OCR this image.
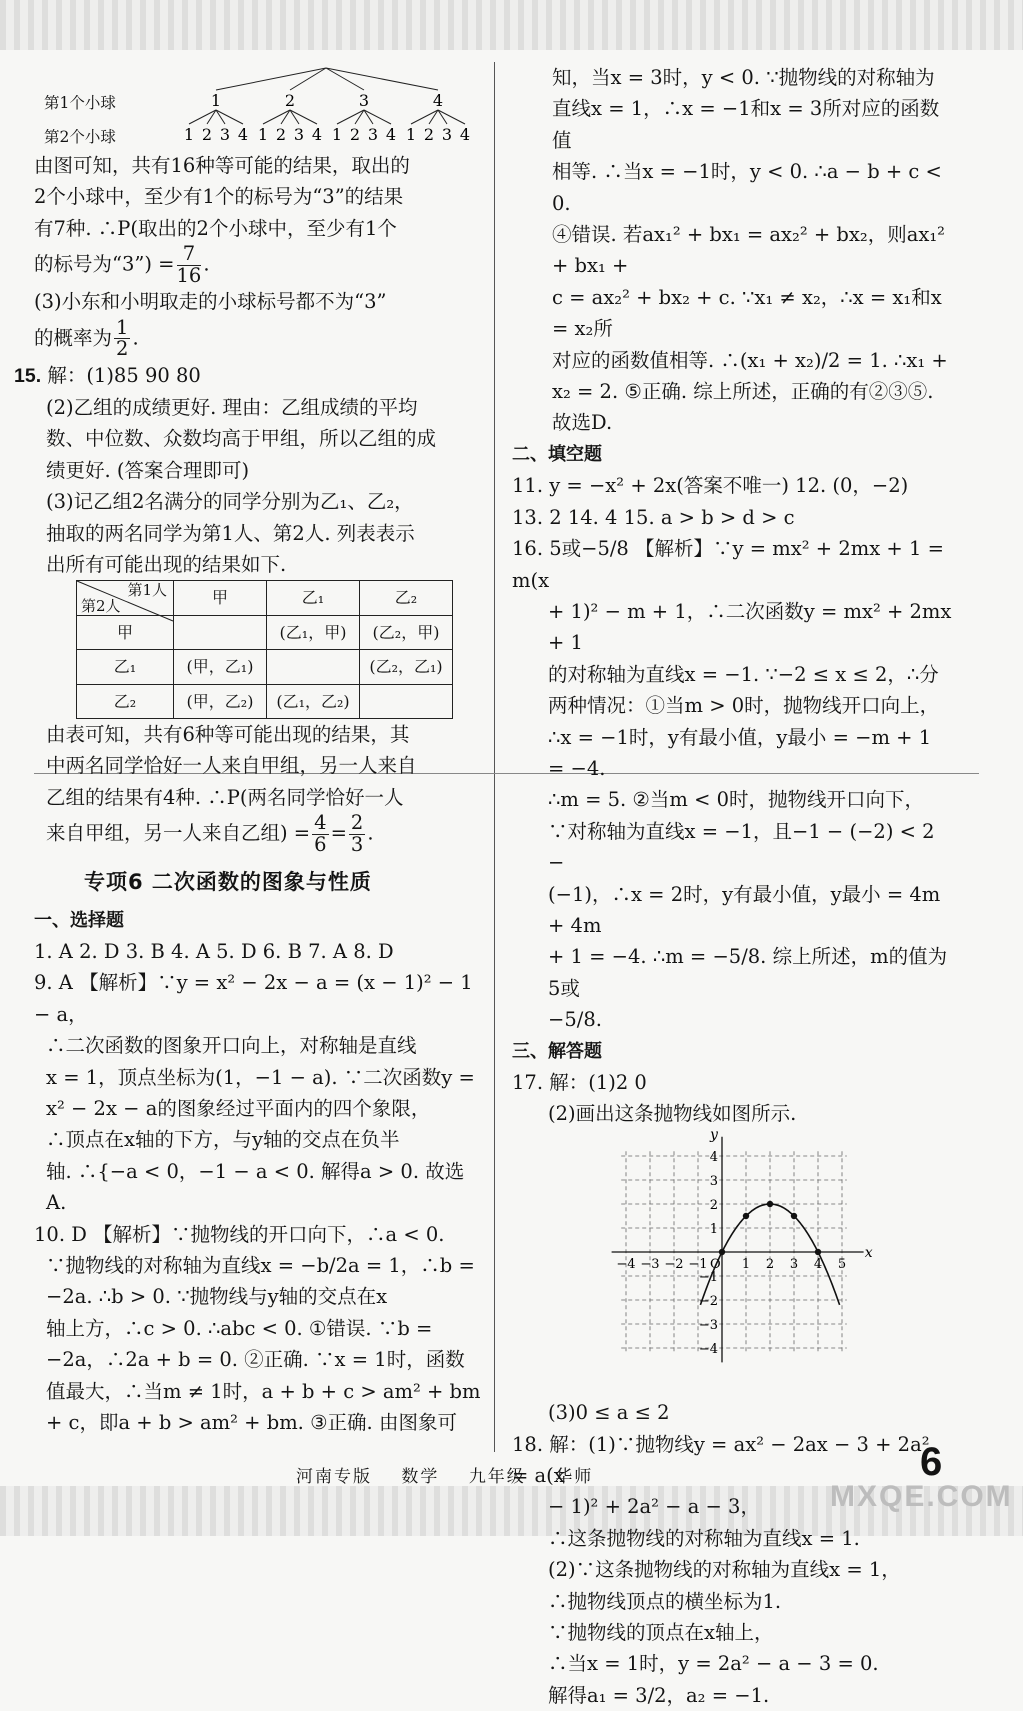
第1个小球
第2个小球
1
1 2 3 4
2
1 2 3 4
3
1 2 3 4
4
1 2 3 4

由图可知，共有16种等可能的结果，取出的

2个小球中，至少有1个的标号为“3”的结果

有7种. ∴P(取出的2个小球中，至少有1个

的标号为“3”) = $\frac{7}{16}$ .

(3)小东和小明取走的小球标号都不为“3”

的概率为 $\frac{1}{2}$ .

15. 解：(1)85 90 80

(2)乙组的成绩更好. 理由：乙组成绩的平均

数、中位数、众数均高于甲组，所以乙组的成

绩更好. (答案合理即可)

(3)记乙组2名满分的同学分别为乙₁、乙₂，

抽取的两名同学为第1人、第2人. 列表表示

出所有可能出现的结果如下.

第1人
第2人	甲	乙₁	乙₂
甲		(乙₁，甲)	(乙₂，甲)
乙₁	(甲，乙₁)		(乙₂，乙₁)
乙₂	(甲，乙₂)	(乙₁，乙₂)	

由表可知，共有6种等可能出现的结果，其

中两名同学恰好一人来自甲组，另一人来自

乙组的结果有4种. ∴P(两名同学恰好一人

来自甲组，另一人来自乙组) = $\frac{4}{6} = \frac{2}{3}$ .

专项6 二次函数的图象与性质

一、选择题

1. A 2. D 3. B 4. A 5. D 6. B 7. A 8. D

9. A 【解析】∵y = x² − 2x − a = (x − 1)² − 1 − a，

∴二次函数的图象开口向上，对称轴是直线

x = 1，顶点坐标为(1，−1 − a). ∵二次函数y =

x² − 2x − a的图象经过平面内的四个象限，

∴顶点在x轴的下方，与y轴的交点在负半

轴. ∴{−a < 0，−1 − a < 0. 解得a > 0. 故选A.

10. D 【解析】∵抛物线的开口向下，∴a < 0.

∵抛物线的对称轴为直线x = −b/2a = 1，∴b =

−2a. ∴b > 0. ∵抛物线与y轴的交点在x

轴上方，∴c > 0. ∴abc < 0. ①错误. ∵b =

−2a，∴2a + b = 0. ②正确. ∵x = 1时，函数

值最大，∴当m ≠ 1时，a + b + c > am² + bm

+ c，即a + b > am² + bm. ③正确. 由图象可

知，当x = 3时，y < 0. ∵抛物线的对称轴为

直线x = 1，∴x = −1和x = 3所对应的函数值

相等. ∴当x = −1时，y < 0. ∴a − b + c < 0.

④错误. 若ax₁² + bx₁ = ax₂² + bx₂，则ax₁² + bx₁ +

c = ax₂² + bx₂ + c. ∵x₁ ≠ x₂，∴x = x₁和x = x₂所

对应的函数值相等. ∴(x₁ + x₂)/2 = 1. ∴x₁ +

x₂ = 2. ⑤正确. 综上所述，正确的有②③⑤.

故选D.

二、填空题

11. y = −x² + 2x(答案不唯一) 12. (0，−2)

13. 2 14. 4 15. a > b > d > c

16. 5或−5/8 【解析】∵y = mx² + 2mx + 1 = m(x

+ 1)² − m + 1，∴二次函数y = mx² + 2mx + 1

的对称轴为直线x = −1. ∵−2 ≤ x ≤ 2，∴分

两种情况：①当m > 0时，抛物线开口向上，

∴x = −1时，y有最小值，y最小 = −m + 1 = −4.

∴m = 5. ②当m < 0时，抛物线开口向下，

∵对称轴为直线x = −1，且−1 − (−2) < 2 −

(−1)，∴x = 2时，y有最小值，y最小 = 4m + 4m

+ 1 = −4. ∴m = −5/8. 综上所述，m的值为5或

−5/8.

三、解答题

17. 解：(1)2 0

(2)画出这条抛物线如图所示.

x
y
O
−4 −3 −2 −1	1 2 3 4 5
4
3
2
1
−1
−2
−3
−4

(3)0 ≤ a ≤ 2

18. 解：(1)∵抛物线y = ax² − 2ax − 3 + 2a² = a(x

− 1)² + 2a² − a − 3，

∴这条抛物线的对称轴为直线x = 1.

(2)∵这条抛物线的对称轴为直线x = 1，

∴抛物线顶点的横坐标为1.

∵抛物线的顶点在x轴上，

∴当x = 1时，y = 2a² − a − 3 = 0.

解得a₁ = 3/2，a₂ = −1.

河南专版 数学 九年级 华师	6
MXQE.COM
